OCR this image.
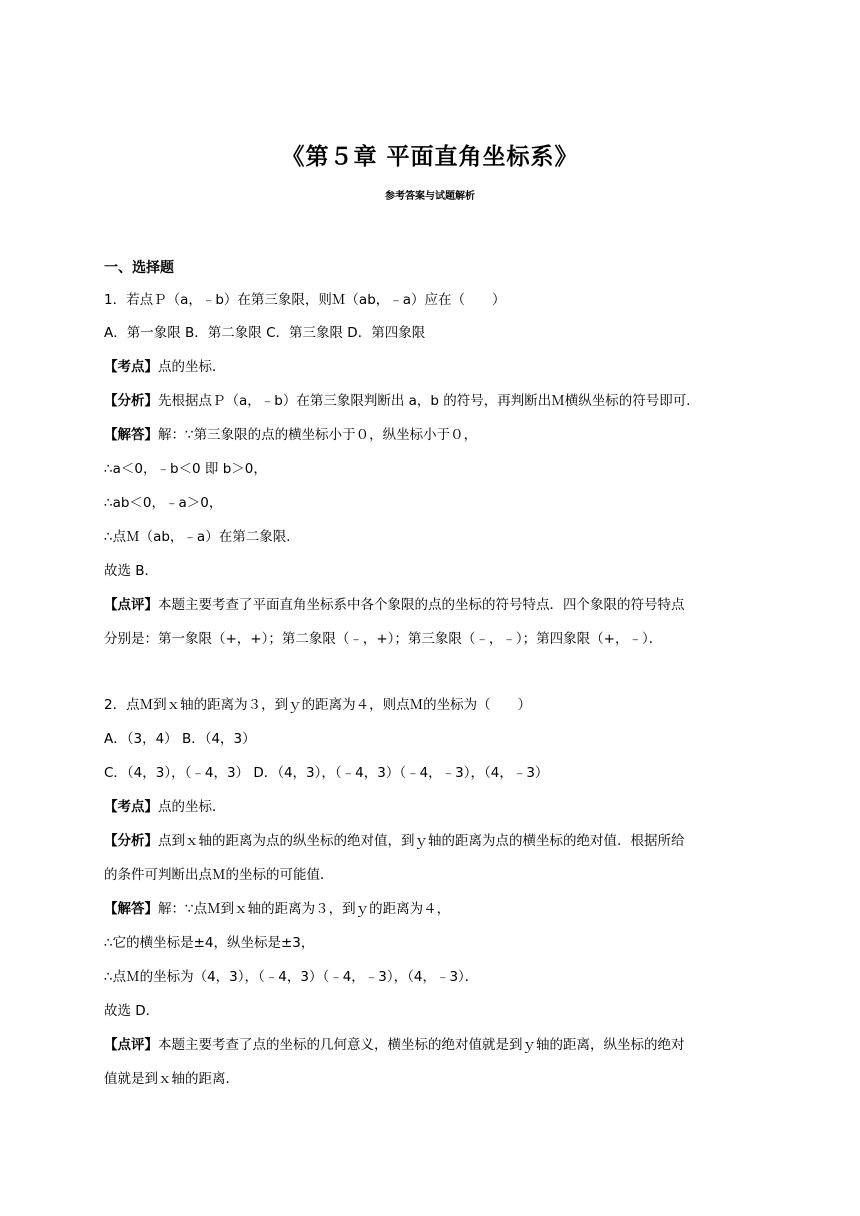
《第５章 平面直角坐标系》
参考答案与试题解析
一、选择题
1．若点Ｐ（a，﹣b）在第三象限，则Ｍ（ab，﹣a）应在（　　）
A．第一象限 B．第二象限 C．第三象限 D．第四象限
【考点】点的坐标．
【分析】先根据点Ｐ（a，﹣b）在第三象限判断出 a，b 的符号，再判断出Ｍ横纵坐标的符号即可．
【解答】解：∵第三象限的点的横坐标小于０，纵坐标小于０，
∴a＜0，﹣b＜0 即 b＞0，
∴ab＜0，﹣a＞0，
∴点Ｍ（ab，﹣a）在第二象限．
故选 B．
【点评】本题主要考查了平面直角坐标系中各个象限的点的坐标的符号特点．四个象限的符号特点
分别是：第一象限（+，+）；第二象限（﹣，+）；第三象限（﹣，﹣）；第四象限（+，﹣）．
2．点Ｍ到ｘ轴的距离为３，到ｙ的距离为４，则点Ｍ的坐标为（　　）
A．（3，4） B．（4，3）
C．（4，3），（﹣4，3） D．（4，3），（﹣4，3）（﹣4，﹣3），（4，﹣3）
【考点】点的坐标．
【分析】点到ｘ轴的距离为点的纵坐标的绝对值，到ｙ轴的距离为点的横坐标的绝对值．根据所给
的条件可判断出点Ｍ的坐标的可能值．
【解答】解：∵点Ｍ到ｘ轴的距离为３，到ｙ的距离为４，
∴它的横坐标是±4，纵坐标是±3，
∴点Ｍ的坐标为（4，3），（﹣4，3）（﹣4，﹣3），（4，﹣3）．
故选 D．
【点评】本题主要考查了点的坐标的几何意义，横坐标的绝对值就是到ｙ轴的距离，纵坐标的绝对
值就是到ｘ轴的距离．
